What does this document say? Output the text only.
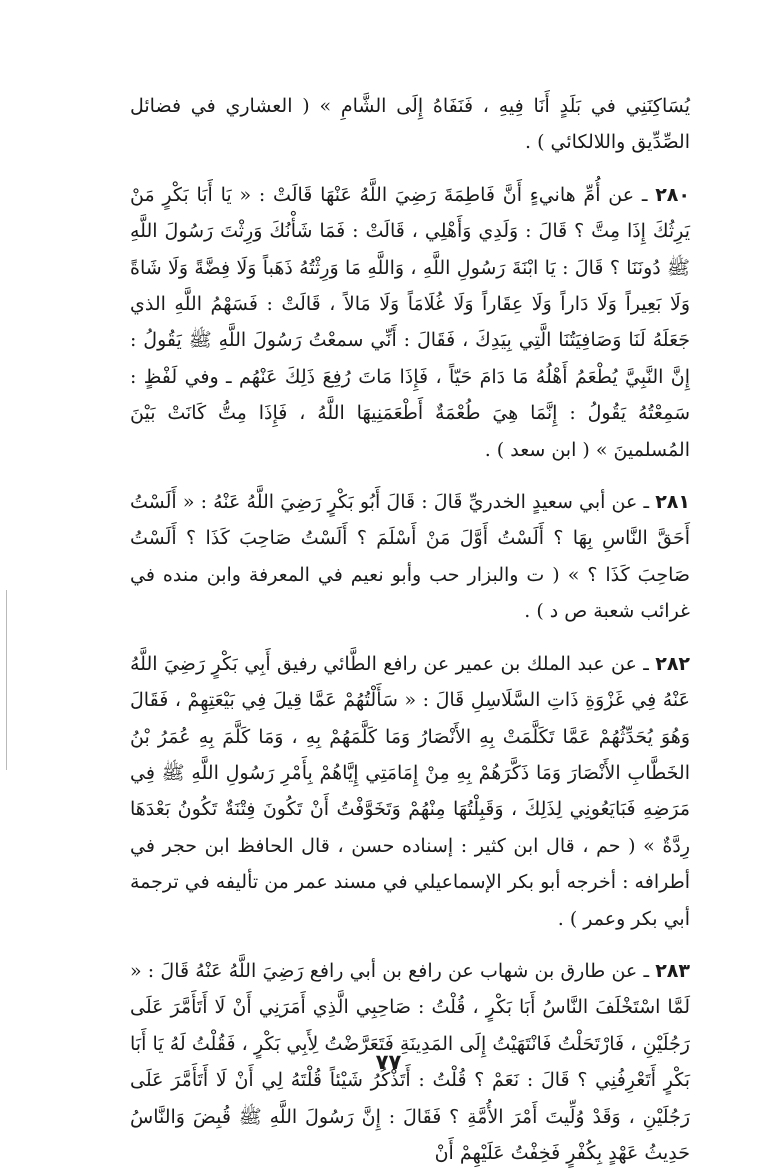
يُسَاكِنَنِي في بَلَدٍ أَنَا فِيهِ ، فَنَفَاهُ إِلَى الشَّامِ » ( العشاري في فضائل الصِّدِّيق واللالكائي ) .

٢٨٠ ـ عن أُمِّ هانيءٍ أَنَّ فَاطِمَةَ رَضِيَ اللَّهُ عَنْهَا قَالَتْ : « يَا أَبَا بَكْرٍ مَنْ يَرِثُكَ إِذَا مِتَّ ؟ قَالَ : وَلَدِي وَأَهْلِي ، قَالَتْ : فَمَا شَأْنُكَ وَرِثْتَ رَسُولَ اللَّهِ ﷺ دُونَنَا ؟ قَالَ : يَا ابْنَةَ رَسُولِ اللَّهِ ، وَاللَّهِ مَا وَرِثْتُهُ ذَهَباً وَلَا فِضَّةً وَلَا شَاةً وَلَا بَعِيراً وَلَا دَاراً وَلَا عِقَاراً وَلَا غُلَامَاً وَلَا مَالاً ، قَالَتْ : فَسَهْمُ اللَّهِ الذي جَعَلَهُ لَنَا وَصَافِيَتُنَا الَّتِي بِيَدِكَ ، فَقَالَ : أَنِّي سمعْتُ رَسُولَ اللَّهِ ﷺ يَقُولُ : إِنَّ النَّبِيَّ يُطْعَمُ أَهْلُهُ مَا دَامَ حَيّاً ، فَإِذَا مَاتَ رُفِعَ ذَلِكَ عَنْهُم ـ وفي لَفْظٍ : سَمِعْتُهُ يَقُولُ : إِنَّمَا هِيَ طُعْمَةٌ أَطْعَمَنِيهَا اللَّهُ ، فَإِذَا مِتُّ كَانَتْ بَيْنَ المُسلمينَ » ( ابن سعد ) .

٢٨١ ـ عن أبي سعيدٍ الخدريِّ قَالَ : قَالَ أَبُو بَكْرٍ رَضِيَ اللَّهُ عَنْهُ : « أَلَسْتُ أَحَقَّ النَّاسِ بِهَا ؟ أَلَسْتُ أَوَّلَ مَنْ أَسْلَمَ ؟ أَلَسْتُ صَاحِبَ كَذَا ؟ أَلَسْتُ صَاحِبَ كَذَا ؟ » ( ت والبزار حب وأبو نعيم في المعرفة وابن منده في غرائب شعبة ص د ) .

٢٨٢ ـ عن عبد الملك بن عمير عن رافع الطَّائي رفيق أَبِي بَكْرٍ رَضِيَ اللَّهُ عَنْهُ فِي غَزْوَةِ ذَاتِ السَّلَاسِلِ قَالَ : « سَأَلْتُهُمْ عَمَّا قِيلَ فِي بَيْعَتِهِمْ ، فَقَالَ وَهُوَ يُحَدِّثُهُمْ عَمَّا تَكَلَّمَتْ بِهِ الأَنْصَارُ وَمَا كَلَّمَهُمْ بِهِ ، وَمَا كَلَّمَ بِهِ عُمَرُ بْنُ الخَطَّابِ الأَنْصَارَ وَمَا ذَكَّرَهُمْ بِهِ مِنْ إِمَامَتِي إِيَّاهُمْ بِأَمْرِ رَسُولِ اللَّهِ ﷺ فِي مَرَضِهِ فَبَايَعُونِي لِذَلِكَ ، وَقَبِلْتُهَا مِنْهُمْ وَتَخَوَّفْتُ أَنْ تَكُونَ فِتْنَةٌ تَكُونُ بَعْدَهَا رِدَّةٌ » ( حم ، قال ابن كثير : إسناده حسن ، قال الحافظ ابن حجر في أطرافه : أخرجه أبو بكر الإسماعيلي في مسند عمر من تأليفه في ترجمة أبي بكر وعمر ) .

٢٨٣ ـ عن طارق بن شهاب عن رافع بن أبي رافع رَضِيَ اللَّهُ عَنْهُ قَالَ : « لَمَّا اسْتَخْلَفَ النَّاسُ أَبَا بَكْرٍ ، قُلْتُ : صَاحِبِي الَّذِي أَمَرَنِي أَنْ لَا أَتَأَمَّرَ عَلَى رَجُلَيْنِ ، فَارْتَحَلْتُ فَانْتَهَيْتُ إِلَى المَدِينَةِ فَتَعَرَّضْتُ لِأَبِي بَكْرٍ ، فَقُلْتُ لَهُ يَا أَبَا بَكْرٍ أَتَعْرِفُنِي ؟ قَالَ : نَعَمْ ؟ قُلْتُ : أَتَذْكُرُ شَيْئاً قُلْتَهُ لِي أَنْ لَا أَتَأَمَّرَ عَلَى رَجُلَيْنِ ، وَقَدْ وُلِّيتَ أَمْرَ الأُمَّةِ ؟ فَقَالَ : إِنَّ رَسُولَ اللَّهِ ﷺ قُبِضَ وَالنَّاسُ حَدِيثُ عَهْدٍ بِكُفْرٍ فَخِفْتُ عَلَيْهِمْ أَنْ

٧٧
